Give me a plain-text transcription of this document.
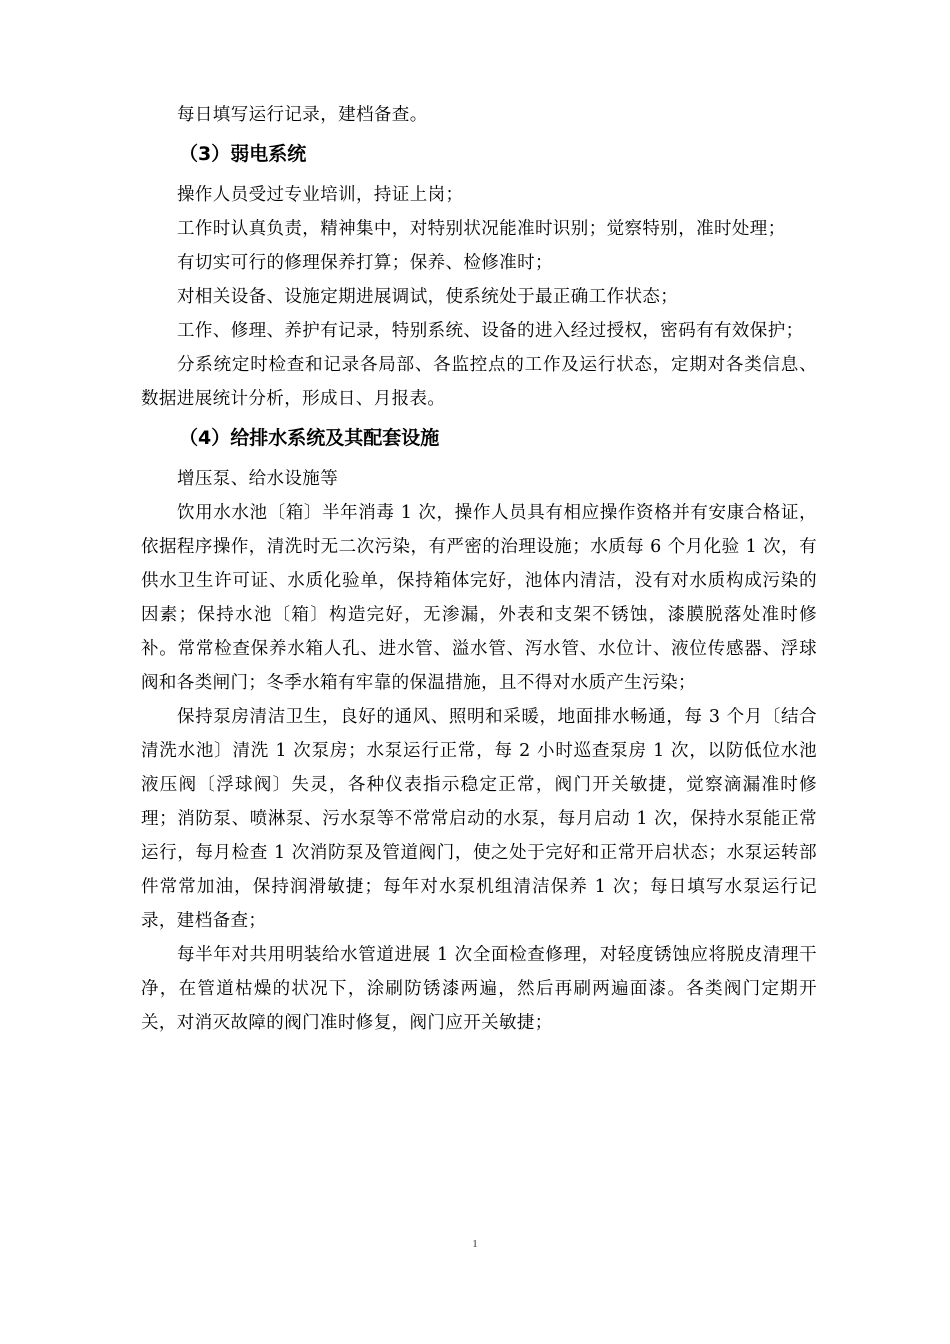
每日填写运行记录，建档备查。

（3）弱电系统

操作人员受过专业培训，持证上岗；

工作时认真负责，精神集中，对特别状况能准时识别；觉察特别，准时处理；

有切实可行的修理保养打算；保养、检修准时；

对相关设备、设施定期进展调试，使系统处于最正确工作状态；

工作、修理、养护有记录，特别系统、设备的进入经过授权，密码有有效保护；

分系统定时检查和记录各局部、各监控点的工作及运行状态，定期对各类信息、数据进展统计分析，形成日、月报表。

（4）给排水系统及其配套设施

增压泵、给水设施等

饮用水水池〔箱〕半年消毒 1 次，操作人员具有相应操作资格并有安康合格证，依据程序操作，清洗时无二次污染，有严密的治理设施；水质每 6 个月化验 1 次，有供水卫生许可证、水质化验单，保持箱体完好，池体内清洁，没有对水质构成污染的因素；保持水池〔箱〕构造完好，无渗漏，外表和支架不锈蚀，漆膜脱落处准时修补。常常检查保养水箱人孔、进水管、溢水管、泻水管、水位计、液位传感器、浮球阀和各类闸门；冬季水箱有牢靠的保温措施，且不得对水质产生污染；

保持泵房清洁卫生，良好的通风、照明和采暖，地面排水畅通，每 3 个月〔结合清洗水池〕清洗 1 次泵房；水泵运行正常，每 2 小时巡查泵房 1 次，以防低位水池液压阀〔浮球阀〕失灵，各种仪表指示稳定正常，阀门开关敏捷，觉察滴漏准时修理；消防泵、喷淋泵、污水泵等不常常启动的水泵，每月启动 1 次，保持水泵能正常运行，每月检查 1 次消防泵及管道阀门，使之处于完好和正常开启状态；水泵运转部件常常加油，保持润滑敏捷；每年对水泵机组清洁保养 1 次；每日填写水泵运行记录，建档备查；

每半年对共用明装给水管道进展 1 次全面检查修理，对轻度锈蚀应将脱皮清理干净，在管道枯燥的状况下，涂刷防锈漆两遍，然后再刷两遍面漆。各类阀门定期开关，对消灭故障的阀门准时修复，阀门应开关敏捷；

1
